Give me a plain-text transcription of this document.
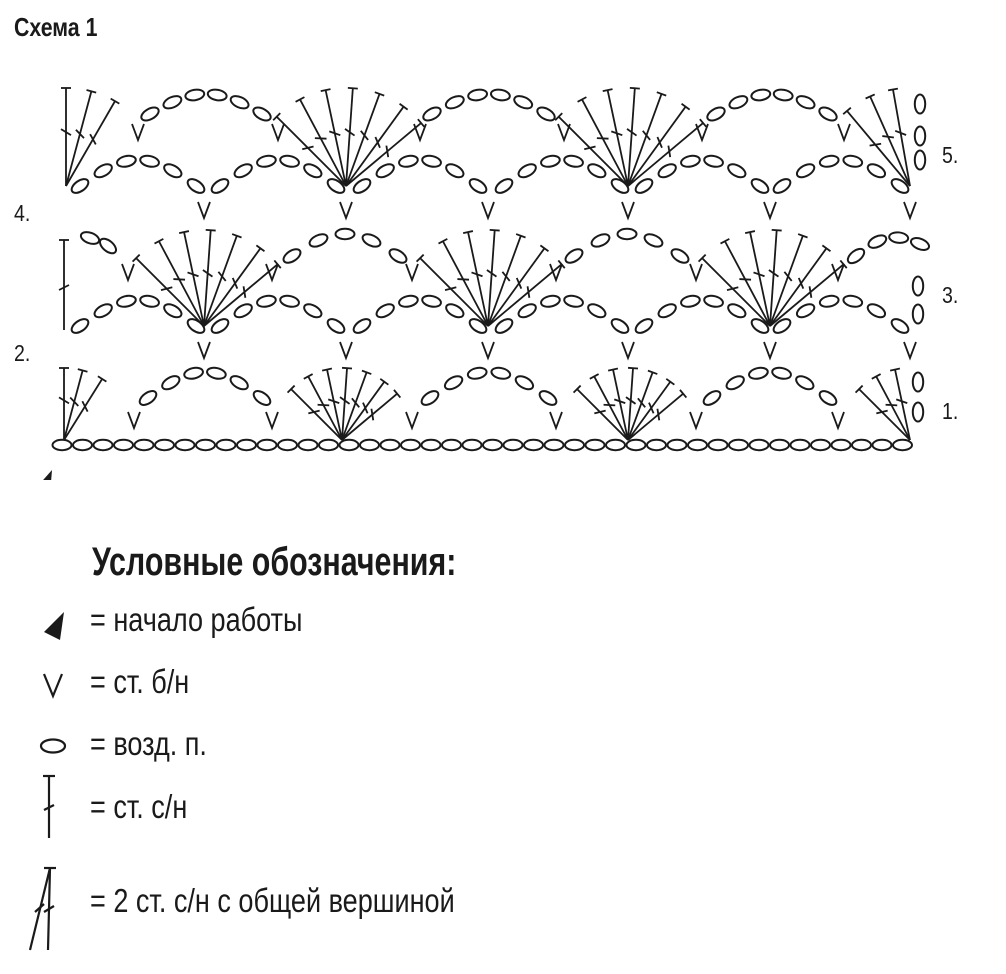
Схема 1
1.
2.
3.
4.
5.
Условные обозначения:
= начало работы
= ст. б/н
= возд. п.
= ст. с/н
= 2 ст. с/н с общей вершиной
